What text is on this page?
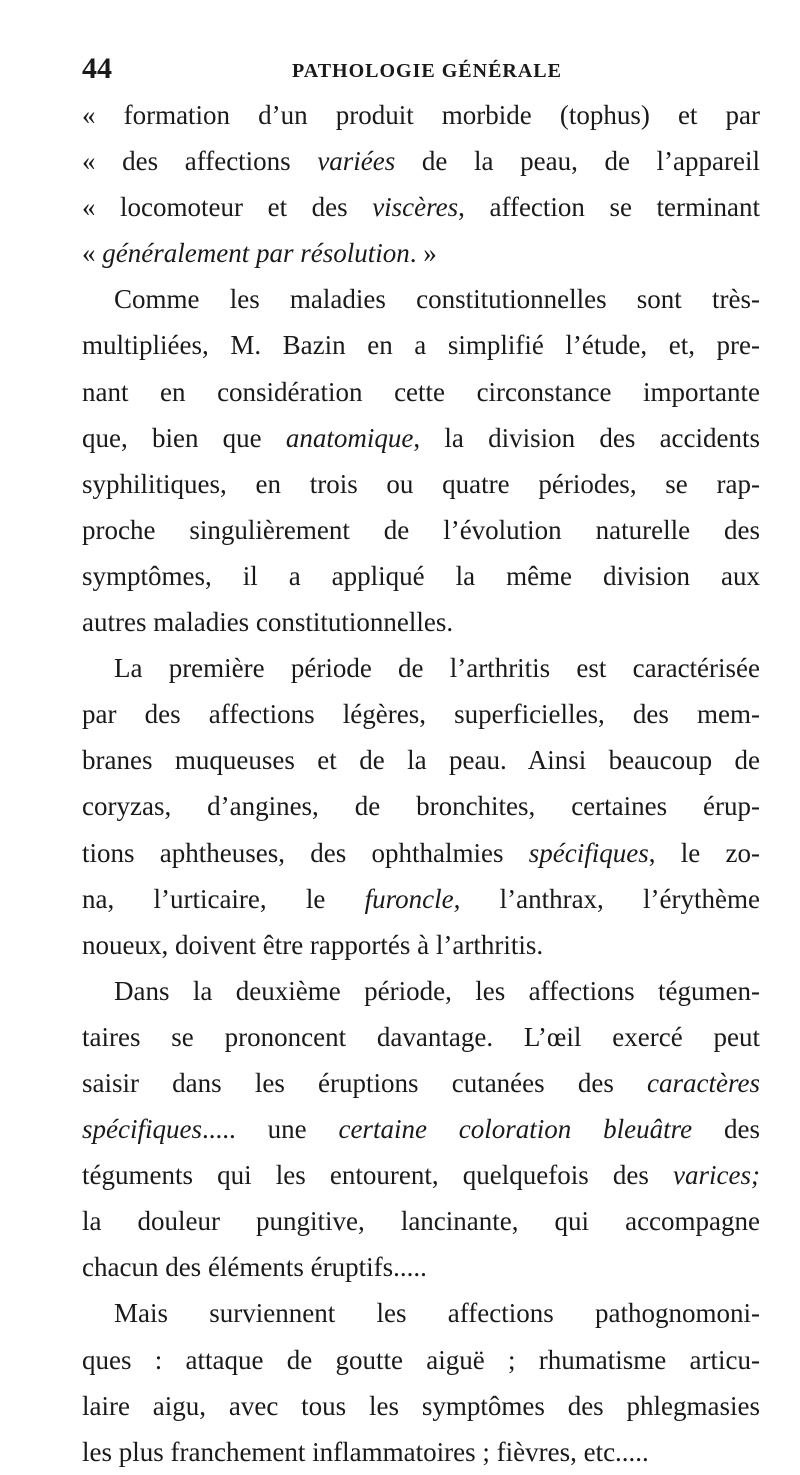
44	PATHOLOGIE GÉNÉRALE
« formation d’un produit morbide (tophus) et par
« des affections variées de la peau, de l’appareil
« locomoteur et des viscères, affection se terminant
« généralement par résolution. »
Comme les maladies constitutionnelles sont très-
multipliées, M. Bazin en a simplifié l’étude, et, pre-
nant en considération cette circonstance importante
que, bien que anatomique, la division des accidents
syphilitiques, en trois ou quatre périodes, se rap-
proche singulièrement de l’évolution naturelle des
symptômes, il a appliqué la même division aux
autres maladies constitutionnelles.
La première période de l’arthritis est caractérisée
par des affections légères, superficielles, des mem-
branes muqueuses et de la peau. Ainsi beaucoup de
coryzas, d’angines, de bronchites, certaines érup-
tions aphtheuses, des ophthalmies spécifiques, le zo-
na, l’urticaire, le furoncle, l’anthrax, l’érythème
noueux, doivent être rapportés à l’arthritis.
Dans la deuxième période, les affections tégumen-
taires se prononcent davantage. L’œil exercé peut
saisir dans les éruptions cutanées des caractères
spécifiques..... une certaine coloration bleuâtre des
téguments qui les entourent, quelquefois des varices;
la douleur pungitive, lancinante, qui accompagne
chacun des éléments éruptifs.....
Mais surviennent les affections pathognomoni-
ques : attaque de goutte aiguë ; rhumatisme articu-
laire aigu, avec tous les symptômes des phlegmasies
les plus franchement inflammatoires ; fièvres, etc.....
